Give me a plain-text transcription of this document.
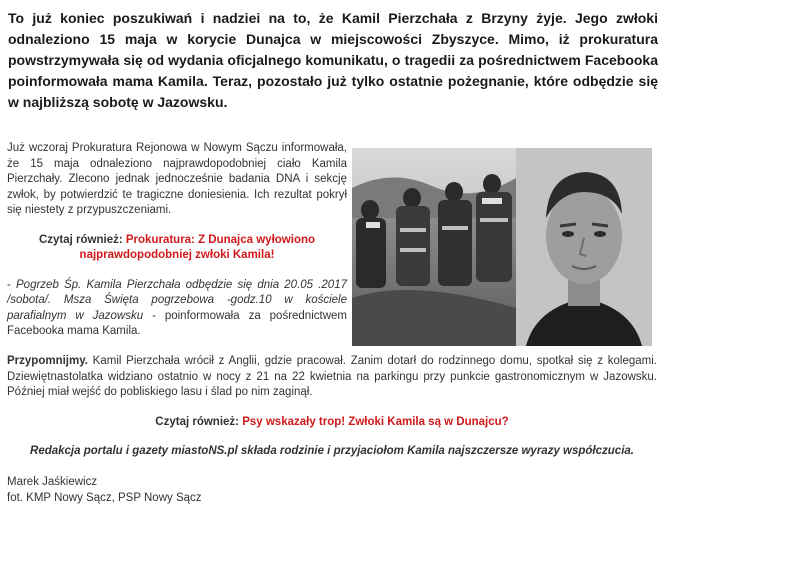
To już koniec poszukiwań i nadziei na to, że Kamil Pierzchała z Brzyny żyje. Jego zwłoki odnaleziono 15 maja w korycie Dunajca w miejscowości Zbyszyce. Mimo, iż prokuratura powstrzymywała się od wydania oficjalnego komunikatu, o tragedii za pośrednictwem Facebooka poinformowała mama Kamila. Teraz, pozostało już tylko ostatnie pożegnanie, które odbędzie się w najbliższą sobotę w Jazowsku.

Już wczoraj Prokuratura Rejonowa w Nowym Sączu informowała, że 15 maja odnaleziono najprawdopodobniej ciało Kamila Pierzchały. Zlecono jednak jednocześnie badania DNA i sekcję zwłok, by potwierdzić te tragiczne doniesienia. Ich rezultat pokrył się niestety z przypuszczeniami.

Czytaj również: Prokuratura: Z Dunajca wyłowiono najprawdopodobniej zwłoki Kamila!

- Pogrzeb Śp. Kamila Pierzchała odbędzie się dnia 20.05 .2017 /sobota/. Msza Święta pogrzebowa -godz.10 w kościele parafialnym w Jazowsku - poinformowała za pośrednictwem Facebooka mama Kamila.

Przypomnijmy. Kamil Pierzchała wrócił z Anglii, gdzie pracował. Zanim dotarł do rodzinnego domu, spotkał się z kolegami. Dziewiętnastolatka widziano ostatnio w nocy z 21 na 22 kwietnia na parkingu przy punkcie gastronomicznym w Jazowsku. Później miał wejść do pobliskiego lasu i ślad po nim zaginął.

Czytaj również: Psy wskazały trop! Zwłoki Kamila są w Dunajcu?

Redakcja portalu i gazety miastoNS.pl składa rodzinie i przyjaciołom Kamila najszczersze wyrazy współczucia.

Marek Jaśkiewicz
fot. KMP Nowy Sącz, PSP Nowy Sącz
